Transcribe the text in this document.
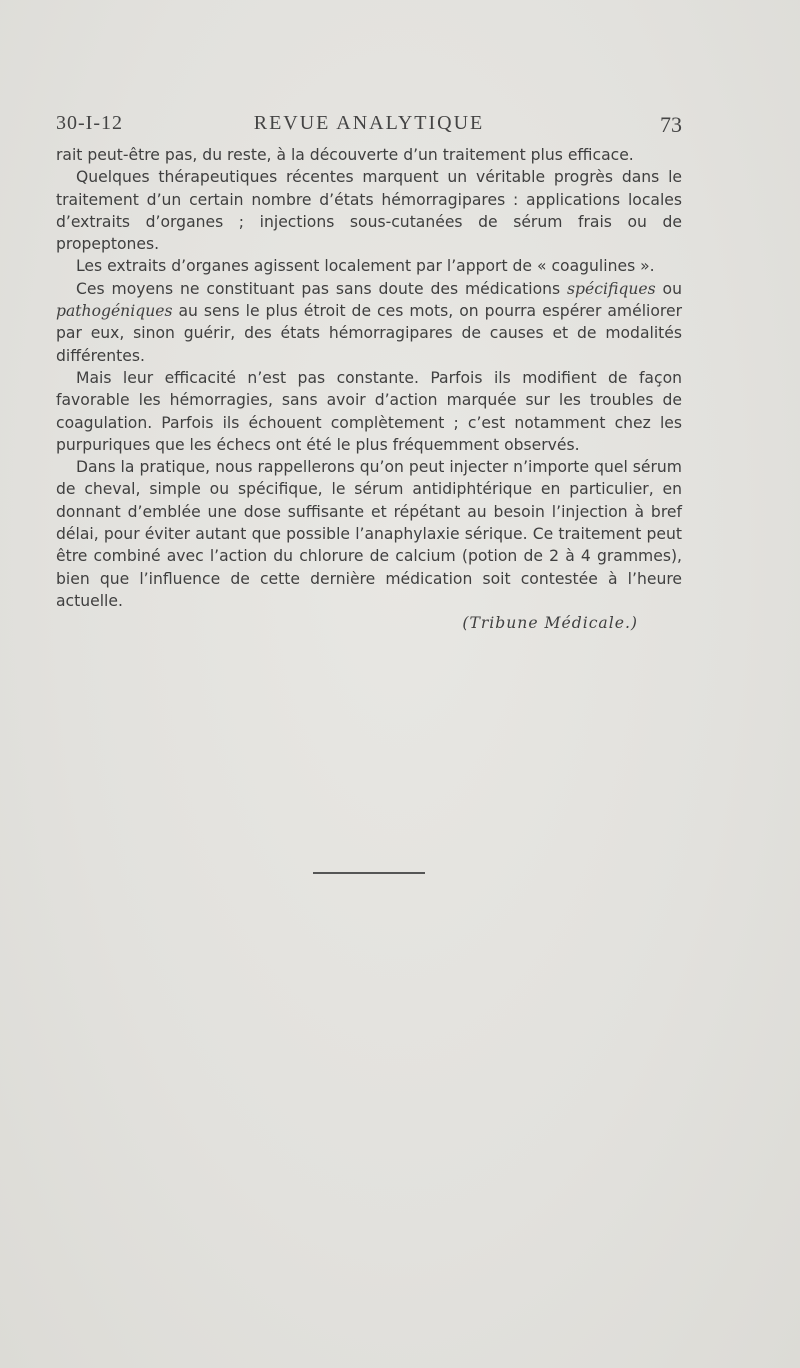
30-I-12	REVUE ANALYTIQUE	73

rait peut-être pas, du reste, à la découverte d’un traitement plus efficace.

Quelques thérapeutiques récentes marquent un véritable progrès dans le traitement d’un certain nombre d’états hémorragipares : applications locales d’extraits d’organes ; injections sous-cutanées de sérum frais ou de propeptones.

Les extraits d’organes agissent localement par l’apport de « coagulines ».

Ces moyens ne constituant pas sans doute des médications spécifiques ou pathogéniques au sens le plus étroit de ces mots, on pourra espérer améliorer par eux, sinon guérir, des états hémorragipares de causes et de modalités différentes.

Mais leur efficacité n’est pas constante. Parfois ils modifient de façon favorable les hémorragies, sans avoir d’action marquée sur les troubles de coagulation. Parfois ils échouent complètement ; c’est notamment chez les purpuriques que les échecs ont été le plus fréquemment observés.

Dans la pratique, nous rappellerons qu’on peut injecter n’importe quel sérum de cheval, simple ou spécifique, le sérum antidiphtérique en particulier, en donnant d’emblée une dose suffisante et répétant au besoin l’injection à bref délai, pour éviter autant que possible l’anaphylaxie sérique. Ce traitement peut être combiné avec l’action du chlorure de calcium (potion de 2 à 4 grammes), bien que l’influence de cette dernière médication soit contestée à l’heure actuelle.

(Tribune Médicale.)
